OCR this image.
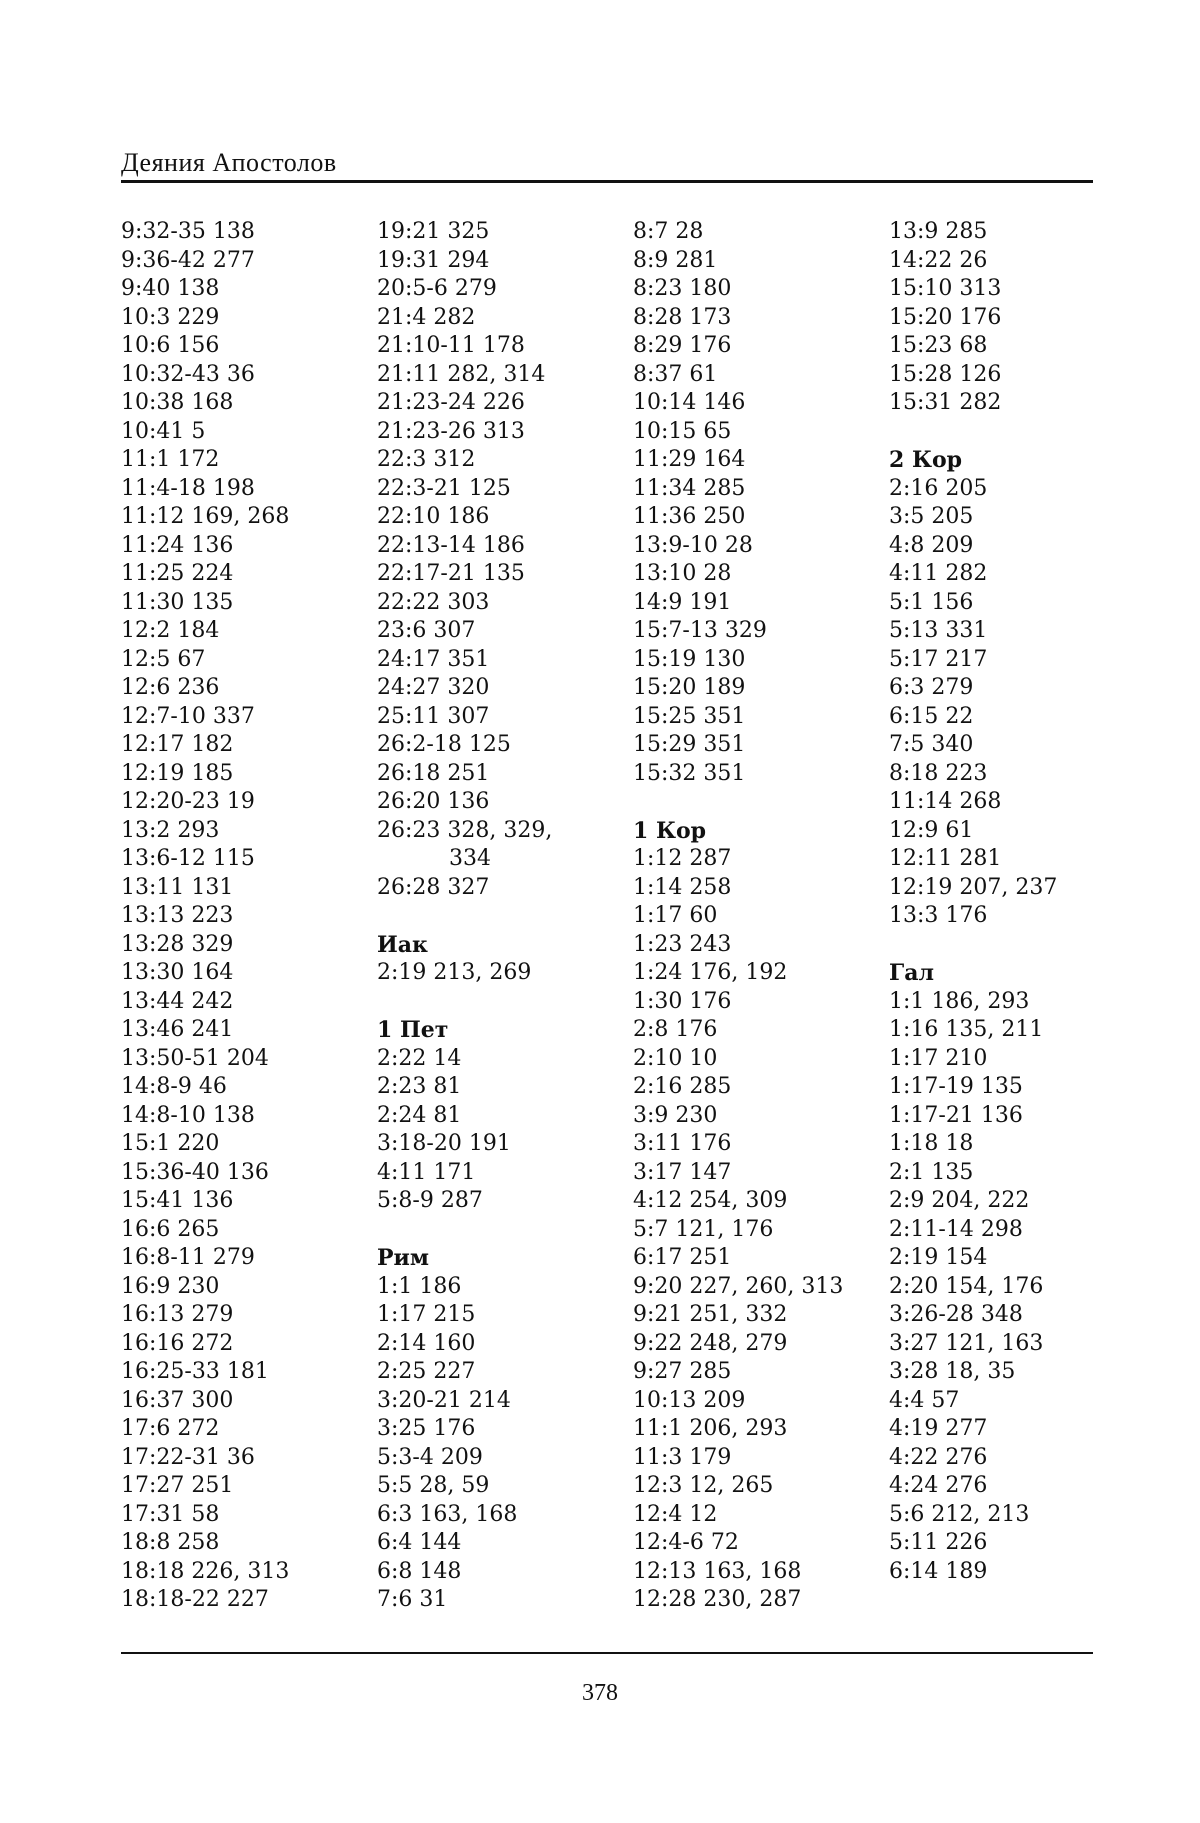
Деяния Апостолов
9:32-35 138
9:36-42 277
9:40 138
10:3 229
10:6 156
10:32-43 36
10:38 168
10:41 5
11:1 172
11:4-18 198
11:12 169, 268
11:24 136
11:25 224
11:30 135
12:2 184
12:5 67
12:6 236
12:7-10 337
12:17 182
12:19 185
12:20-23 19
13:2 293
13:6-12 115
13:11 131
13:13 223
13:28 329
13:30 164
13:44 242
13:46 241
13:50-51 204
14:8-9 46
14:8-10 138
15:1 220
15:36-40 136
15:41 136
16:6 265
16:8-11 279
16:9 230
16:13 279
16:16 272
16:25-33 181
16:37 300
17:6 272
17:22-31 36
17:27 251
17:31 58
18:8 258
18:18 226, 313
18:18-22 227
19:21 325
19:31 294
20:5-6 279
21:4 282
21:10-11 178
21:11 282, 314
21:23-24 226
21:23-26 313
22:3 312
22:3-21 125
22:10 186
22:13-14 186
22:17-21 135
22:22 303
23:6 307
24:17 351
24:27 320
25:11 307
26:2-18 125
26:18 251
26:20 136
26:23 328, 329,
334
26:28 327
Иак
2:19 213, 269
1 Пет
2:22 14
2:23 81
2:24 81
3:18-20 191
4:11 171
5:8-9 287
Рим
1:1 186
1:17 215
2:14 160
2:25 227
3:20-21 214
3:25 176
5:3-4 209
5:5 28, 59
6:3 163, 168
6:4 144
6:8 148
7:6 31
8:7 28
8:9 281
8:23 180
8:28 173
8:29 176
8:37 61
10:14 146
10:15 65
11:29 164
11:34 285
11:36 250
13:9-10 28
13:10 28
14:9 191
15:7-13 329
15:19 130
15:20 189
15:25 351
15:29 351
15:32 351
1 Кор
1:12 287
1:14 258
1:17 60
1:23 243
1:24 176, 192
1:30 176
2:8 176
2:10 10
2:16 285
3:9 230
3:11 176
3:17 147
4:12 254, 309
5:7 121, 176
6:17 251
9:20 227, 260, 313
9:21 251, 332
9:22 248, 279
9:27 285
10:13 209
11:1 206, 293
11:3 179
12:3 12, 265
12:4 12
12:4-6 72
12:13 163, 168
12:28 230, 287
13:9 285
14:22 26
15:10 313
15:20 176
15:23 68
15:28 126
15:31 282
2 Кор
2:16 205
3:5 205
4:8 209
4:11 282
5:1 156
5:13 331
5:17 217
6:3 279
6:15 22
7:5 340
8:18 223
11:14 268
12:9 61
12:11 281
12:19 207, 237
13:3 176
Гал
1:1 186, 293
1:16 135, 211
1:17 210
1:17-19 135
1:17-21 136
1:18 18
2:1 135
2:9 204, 222
2:11-14 298
2:19 154
2:20 154, 176
3:26-28 348
3:27 121, 163
3:28 18, 35
4:4 57
4:19 277
4:22 276
4:24 276
5:6 212, 213
5:11 226
6:14 189
378
